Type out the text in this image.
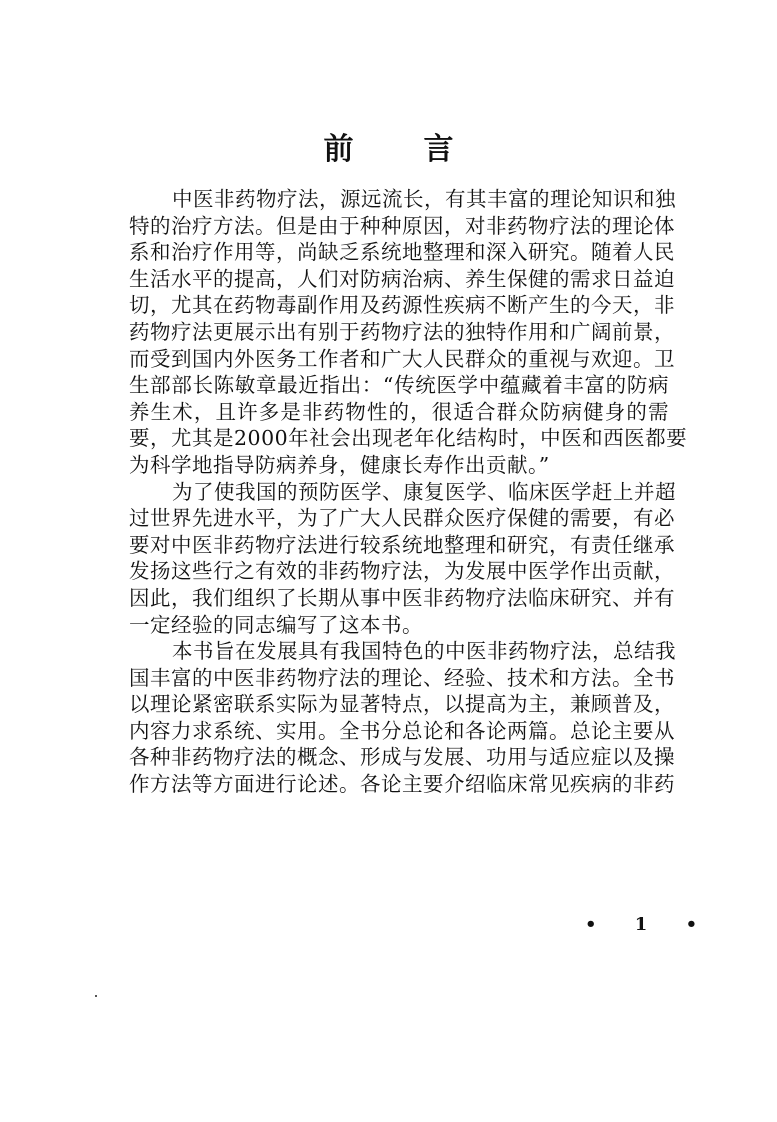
前 言
中医非药物疗法，源远流长，有其丰富的理论知识和独
特的治疗方法。但是由于种种原因，对非药物疗法的理论体
系和治疗作用等，尚缺乏系统地整理和深入研究。随着人民
生活水平的提高，人们对防病治病、养生保健的需求日益迫
切，尤其在药物毒副作用及药源性疾病不断产生的今天，非
药物疗法更展示出有别于药物疗法的独特作用和广阔前景，
而受到国内外医务工作者和广大人民群众的重视与欢迎。卫
生部部长陈敏章最近指出：“传统医学中蕴藏着丰富的防病
养生术，且许多是非药物性的，很适合群众防病健身的需
要，尤其是2000年社会出现老年化结构时，中医和西医都要
为科学地指导防病养身，健康长寿作出贡献。”
为了使我国的预防医学、康复医学、临床医学赶上并超
过世界先进水平，为了广大人民群众医疗保健的需要，有必
要对中医非药物疗法进行较系统地整理和研究，有责任继承
发扬这些行之有效的非药物疗法，为发展中医学作出贡献，
因此，我们组织了长期从事中医非药物疗法临床研究、并有
一定经验的同志编写了这本书。
本书旨在发展具有我国特色的中医非药物疗法，总结我
国丰富的中医非药物疗法的理论、经验、技术和方法。全书
以理论紧密联系实际为显著特点，以提高为主，兼顾普及，
内容力求系统、实用。全书分总论和各论两篇。总论主要从
各种非药物疗法的概念、形成与发展、功用与适应症以及操
作方法等方面进行论述。各论主要介绍临床常见疾病的非药
• 1 •
